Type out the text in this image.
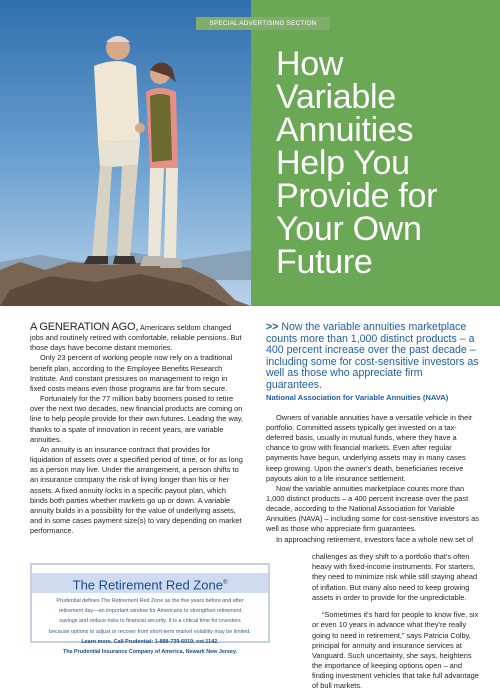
SPECIAL ADVERTISING SECTION
How
Variable
Annuities
Help You
Provide for
Your Own
Future

A GENERATION AGO, Americans seldom changed jobs and routinely retired with comfortable, reliable pensions. But those days have become distant memories.

Only 23 percent of working people now rely on a traditional benefit plan, according to the Employee Benefits Research Institute. And constant pressures on management to reign in fixed costs means even those programs are far from secure.

Fortunately for the 77 million baby boomers poised to retire over the next two decades, new financial products are coming on line to help people provide for their own futures. Leading the way, thanks to a spate of innovation in recent years, are variable annuities.

An annuity is an insurance contract that provides for liquidation of assets over a specified period of time, or for as long as a person may live. Under the arrangement, a person shifts to an insurance company the risk of living longer than his or her assets. A fixed annuity locks in a specific payout plan, which binds both parties whether markets go up or down. A variable annuity builds in a possibility for the value of underlying assets, and in some cases payment size(s) to vary depending on market performance.

>> Now the variable annuities marketplace counts more than 1,000 distinct products – a 400 percent increase over the past decade – including some for cost-sensitive investors as well as those who appreciate firm guarantees.

National Association for Variable Annuities (NAVA)

Owners of variable annuities have a versatile vehicle in their portfolio. Committed assets typically get invested on a tax-deferred basis, usually in mutual funds, where they have a chance to grow with financial markets. Even after regular payments have begun, underlying assets may in many cases keep growing. Upon the owner's death, beneficiaries receive payouts akin to a life insurance settlement.

Now the variable annuities marketplace counts more than 1,000 distinct products – a 400 percent increase over the past decade, according to the National Association for Variable Annuities (NAVA) – including some for cost-sensitive investors as well as those who appreciate firm guarantees.

In approaching retirement, investors face a whole new set of

challenges as they shift to a portfolio that's often heavy with fixed-income instruments. For starters, they need to minimize risk while still staying ahead of inflation. But many also need to keep growing assets in order to provide for the unpredictable.

“Sometimes it's hard for people to know five, six or even 10 years in advance what they're really going to need in retirement,” says Patricia Colby, principal for annuity and insurance services at Vanguard. Such uncertainty, she says, heightens the importance of keeping options open – and finding investment vehicles that take full advantage of bull markets.

The Retirement Red Zone®
Prudential defines The Retirement Red Zone as the five years before and after
retirement day—an important window for Americans to strengthen retirement
savings and reduce risks to financial security. It is a critical time for investors
because options to adjust or recover from short-term market volatility may be limited.
Learn more. Call Prudential: 1-888-739-6019, ext.1142.
The Prudential Insurance Company of America, Newark New Jersey.
